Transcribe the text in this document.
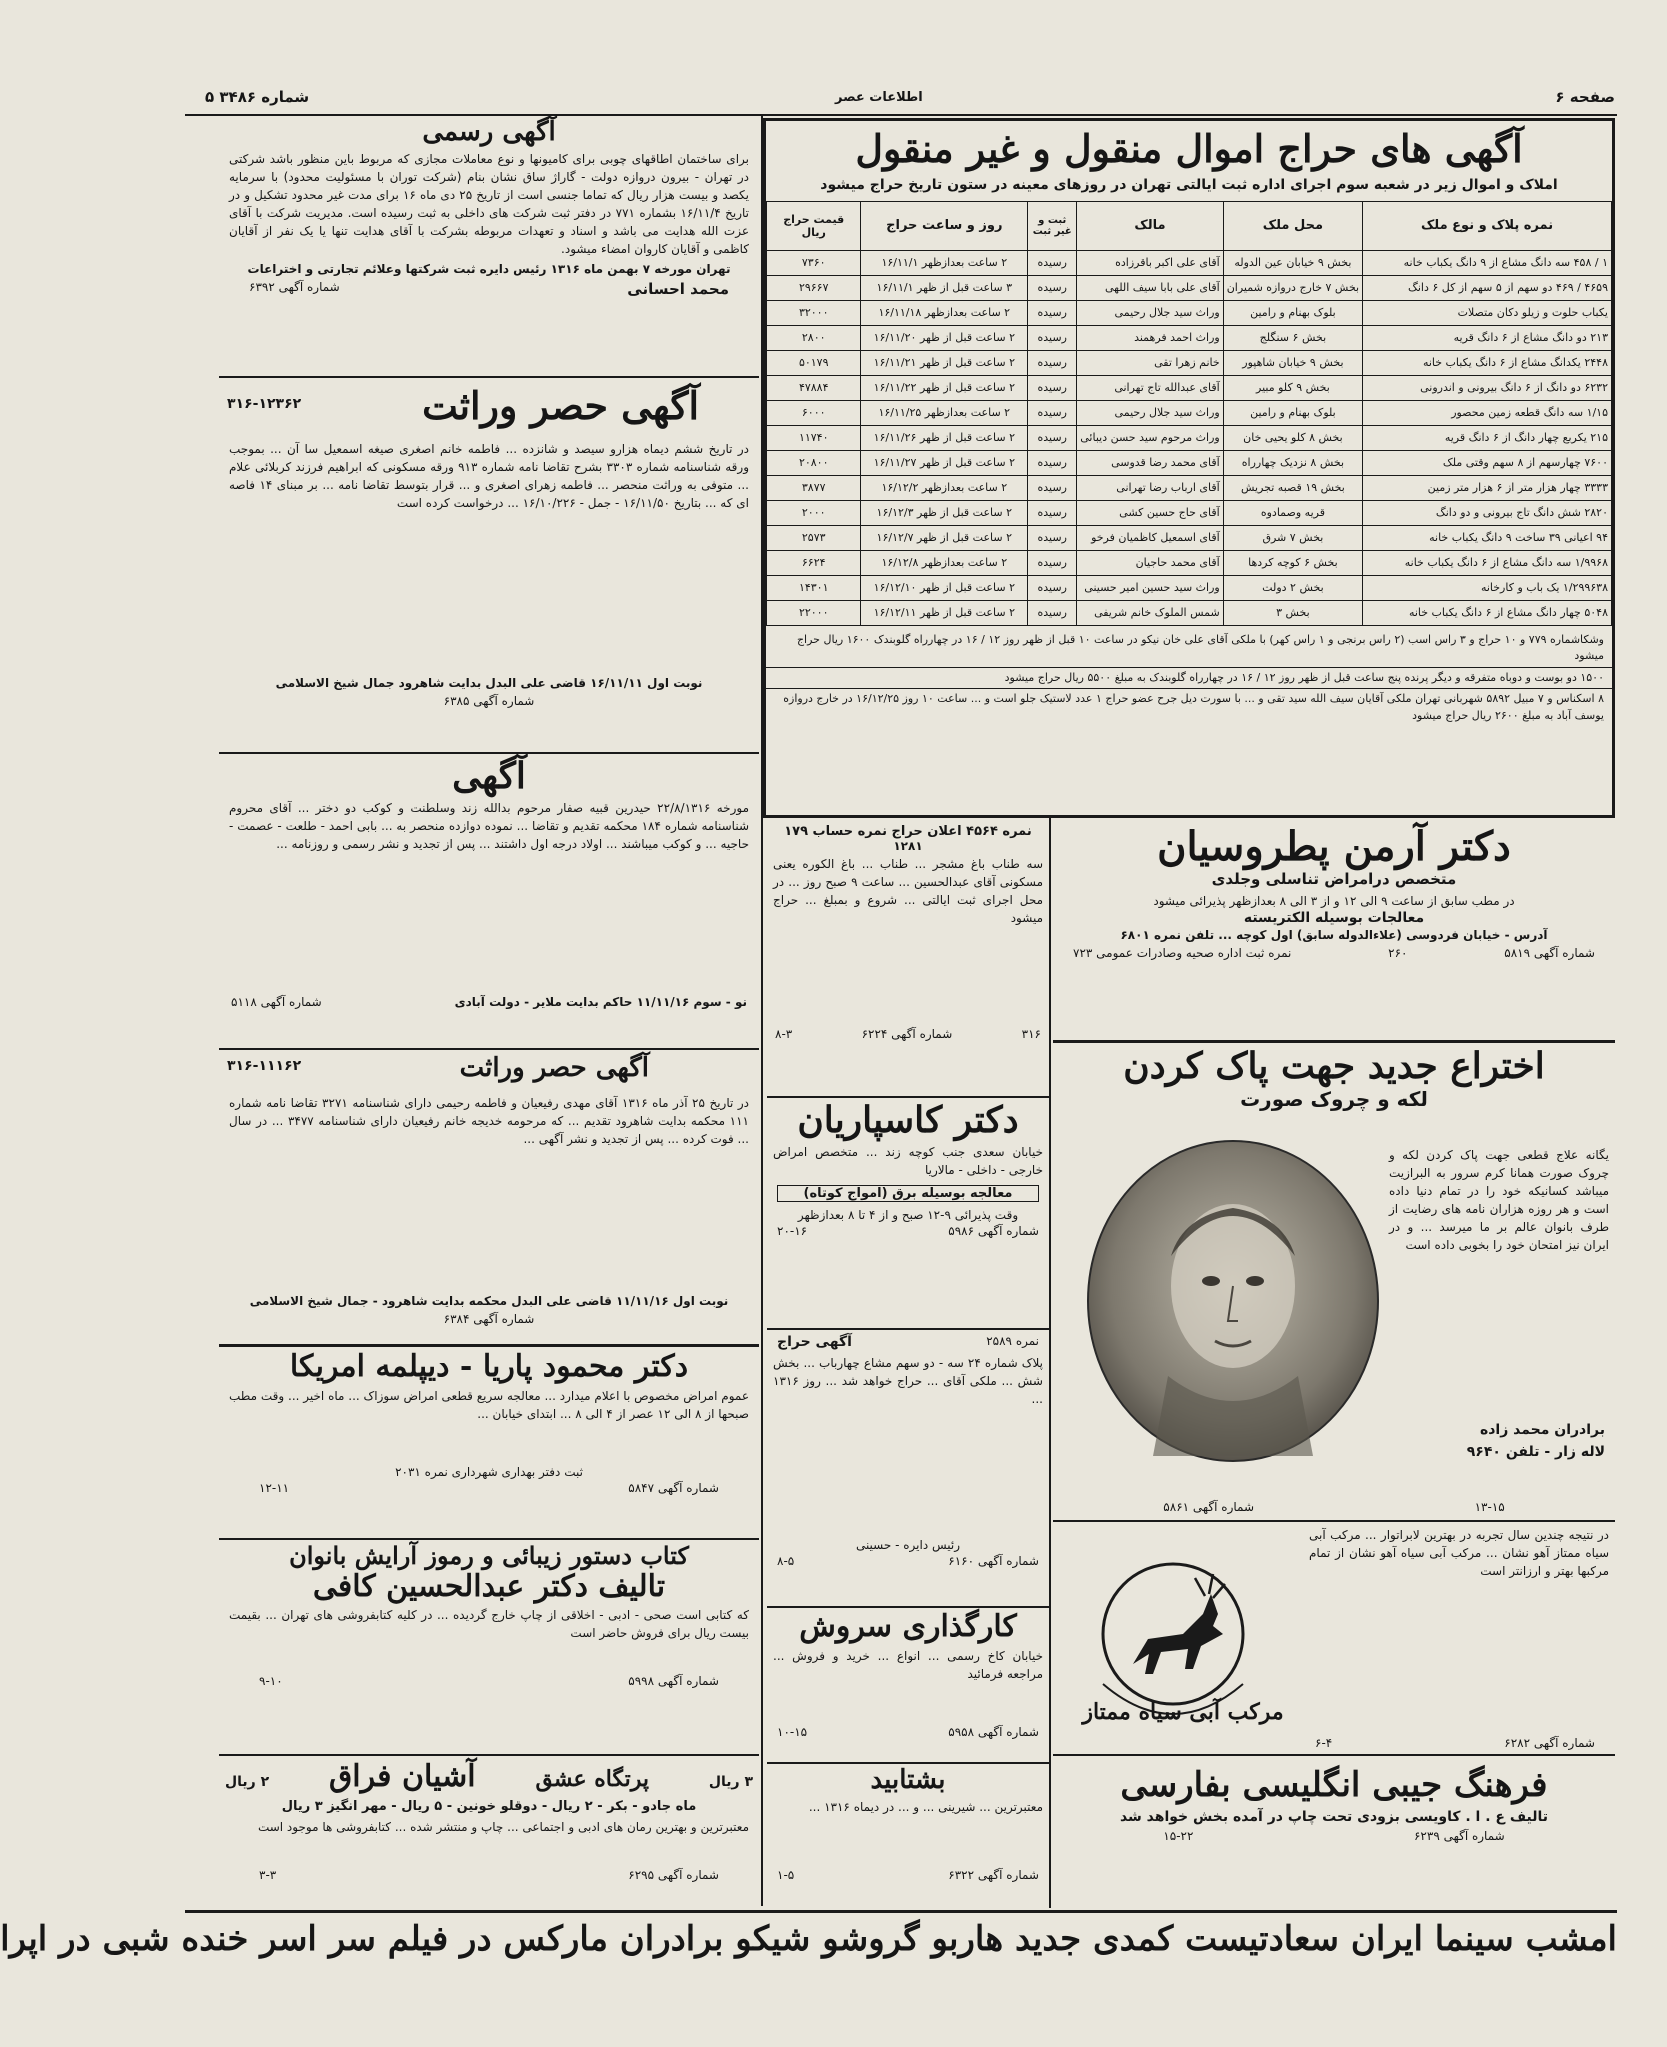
صفحه ۶
اطلاعات عصر
شماره ۳۴۸۶ ۵
آگهی های حراج اموال منقول و غیر منقول
املاک و اموال زیر در شعبه سوم اجرای اداره ثبت ایالتی تهران در روزهای معینه در ستون تاریخ حراج میشود
نمره پلاک و نوع ملک	محل ملک	مالک	ثبت و غیر ثبت	روز و ساعت حراج	قیمت حراج ریال
۱ / ۴۵۸ سه دانگ مشاع از ۹ دانگ یکباب خانه	بخش ۹ خیابان عین الدوله	آقای علی اکبر باقرزاده	رسیده	۲ ساعت بعدازظهر ۱۶/۱۱/۱	۷۳۶۰
۴۶۵۹ / ۴۶۹ دو سهم از ۵ سهم از کل ۶ دانگ	بخش ۷ خارج دروازه شمیران	آقای علی بابا سیف اللهی	رسیده	۳ ساعت قبل از ظهر ۱۶/۱۱/۱	۲۹۶۶۷
یکباب حلوت و زیلو دکان متصلات	بلوک بهنام و رامین	وراث سید جلال رحیمی	رسیده	۲ ساعت بعدازظهر ۱۶/۱۱/۱۸	۳۲۰۰۰
۲۱۳ دو دانگ مشاع از ۶ دانگ قریه	بخش ۶ سنگلج	وراث احمد فرهمند	رسیده	۲ ساعت قبل از ظهر ۱۶/۱۱/۲۰	۲۸۰۰
۲۴۴۸ یکدانگ مشاع از ۶ دانگ یکباب خانه	بخش ۹ خیابان شاهپور	خانم زهرا تقی	رسیده	۲ ساعت قبل از ظهر ۱۶/۱۱/۲۱	۵۰۱۷۹
۶۲۳۲ دو دانگ از ۶ دانگ بیرونی و اندرونی	بخش ۹ کلو مبیر	آقای عبدالله تاج تهرانی	رسیده	۲ ساعت قبل از ظهر ۱۶/۱۱/۲۲	۴۷۸۸۴
۱/۱۵ سه دانگ قطعه زمین محصور	بلوک بهنام و رامین	وراث سید جلال رحیمی	رسیده	۲ ساعت بعدازظهر ۱۶/۱۱/۲۵	۶۰۰۰
۲۱۵ یکربع چهار دانگ از ۶ دانگ قریه	بخش ۸ کلو یحیی خان	وراث مرحوم سید حسن دیبائی	رسیده	۲ ساعت قبل از ظهر ۱۶/۱۱/۲۶	۱۱۷۴۰
۷۶۰۰ چهارسهم از ۸ سهم وقتی ملک	بخش ۸ نزدیک چهارراه	آقای محمد رضا قدوسی	رسیده	۲ ساعت قبل از ظهر ۱۶/۱۱/۲۷	۲۰۸۰۰
۳۳۳۳ چهار هزار متر از ۶ هزار متر زمین	بخش ۱۹ قصبه تجریش	آقای ارباب رضا تهرانی	رسیده	۲ ساعت بعدازظهر ۱۶/۱۲/۲	۳۸۷۷
۲۸۲۰ شش دانگ تاج بیرونی و دو دانگ	قریه وصمادوه	آقای حاج حسین کشی	رسیده	۲ ساعت قبل از ظهر ۱۶/۱۲/۳	۲۰۰۰
۹۴ اعیانی ۳۹ ساخت ۹ دانگ یکباب خانه	بخش ۷ شرق	آقای اسمعیل کاظمیان فرخو	رسیده	۲ ساعت قبل از ظهر ۱۶/۱۲/۷	۲۵۷۳
۱/۹۹۶۸ سه دانگ مشاع از ۶ دانگ یکباب خانه	بخش ۶ کوچه کردها	آقای محمد حاجیان	رسیده	۲ ساعت بعدازظهر ۱۶/۱۲/۸	۶۶۲۴
۱/۲۹۹۶۳۸ یک باب و کارخانه	بخش ۲ دولت	وراث سید حسین امیر حسینی	رسیده	۲ ساعت قبل از ظهر ۱۶/۱۲/۱۰	۱۴۳۰۱
۵۰۴۸ چهار دانگ مشاع از ۶ دانگ یکباب خانه	بخش ۳	شمس الملوک خانم شریفی	رسیده	۲ ساعت قبل از ظهر ۱۶/۱۲/۱۱	۲۲۰۰۰
وشکاشماره ۷۷۹ و ۱۰ حراج و ۳ راس اسب (۲ راس برنجی و ۱ راس کهر) با ملکی آقای علی خان نیکو در ساعت ۱۰ قبل از ظهر روز ۱۲ / ۱۶ در چهارراه گلوبندک ۱۶۰۰ ریال حراج میشود
۱۵۰۰ دو بوست و دوباه متفرقه و دیگر پرنده پنج ساعت قبل از ظهر روز ۱۲ / ۱۶ در چهارراه گلوبندک به مبلغ ۵۵۰۰ ریال حراج میشود
۸ اسکناس و ۷ مبیل ۵۸۹۲ شهربانی تهران ملکی آقایان سیف الله سید تقی و ... با سورت دیل جرح عضو حراج ۱ عدد لاستیک جلو است و ... ساعت ۱۰ روز ۱۶/۱۲/۲۵ در خارج دروازه یوسف آباد به مبلغ ۲۶۰۰ ریال حراج میشود
آگهی رسمی
برای ساختمان اطاقهای چوبی برای کامیونها و نوع معاملات مجازی که مربوط باین منظور باشد شرکتی در تهران - بیرون دروازه دولت - گاراژ ساق نشان بنام (شرکت توران با مسئولیت محدود) با سرمایه یکصد و بیست هزار ریال که تماما جنسی است از تاریخ ۲۵ دی ماه ۱۶ برای مدت غیر محدود تشکیل و در تاریخ ۱۶/۱۱/۴ بشماره ۷۷۱ در دفتر ثبت شرکت های داخلی به ثبت رسیده است. مدیریت شرکت با آقای عزت الله هدایت می باشد و اسناد و تعهدات مربوطه بشرکت با آقای هدایت تنها یا یک نفر از آقایان کاظمی و آقایان کاروان امضاء میشود.
تهران مورخه ۷ بهمن ماه ۱۳۱۶ رئیس دایره ثبت شرکتها وعلائم تجارتی و اختراعات
محمد احسانی
شماره آگهی ۶۳۹۲
آگهی حصر وراثت
۳۱۶-۱۲۳۶۲
در تاریخ ششم دیماه هزارو سیصد و شانزده ... فاطمه خانم اصغری صیغه اسمعیل سا آن ... بموجب ورقه شناسنامه شماره ۳۳۰۳ بشرح تقاضا نامه شماره ۹۱۳ ورقه مسکونی که ابراهیم فرزند کربلائی علام ... متوفی به وراثت منحصر ... فاطمه زهرای اصغری و ... قرار بتوسط تقاضا نامه ... بر مبنای ۱۴ فاصه ای که ... بتاریخ ۱۶/۱۱/۵۰ - جمل - ۱۶/۱۰/۲۲۶ ... درخواست کرده است
نوبت اول ۱۶/۱۱/۱۱ قاضی علی البدل بدایت شاهرود جمال شیخ الاسلامی
شماره آگهی ۶۳۸۵
آگهی
مورخه ۲۲/۸/۱۳۱۶ حیدرین قبیه صفار مرحوم بدالله زند وسلطنت و کوکب دو دختر ... آقای محروم شناسنامه شماره ۱۸۴ محکمه تقدیم و تقاضا ... نموده دوازده منحصر به ... بابی احمد - طلعت - عصمت - حاجیه ... و کوکب میباشند ... اولاد درجه اول داشتند ... پس از تجدید و نشر رسمی و روزنامه ...
نو - سوم ۱۱/۱۱/۱۶ حاکم بدایت ملایر - دولت آبادی
شماره آگهی ۵۱۱۸
آگهی حصر وراثت
۳۱۶-۱۱۱۶۲
در تاریخ ۲۵ آذر ماه ۱۳۱۶ آقای مهدی رفیعیان و فاطمه رحیمی دارای شناسنامه ۳۲۷۱ تقاضا نامه شماره ۱۱۱ محکمه بدایت شاهرود تقدیم ... که مرحومه خدیجه خانم رفیعیان دارای شناسنامه ۳۴۷۷ ... در سال ... فوت کرده ... پس از تجدید و نشر آگهی ...
نوبت اول ۱۱/۱۱/۱۶ قاضی علی البدل محکمه بدایت شاهرود - جمال شیخ الاسلامی
شماره آگهی ۶۳۸۴
دکتر محمود پاریا - دیپلمه امریکا
عموم امراض مخصوص با اعلام میدارد ... معالجه سریع قطعی امراض سوزاک ... ماه اخیر ... وقت مطب صبحها از ۸ الی ۱۲ عصر از ۴ الی ۸ ... ابتدای خیابان ...
ثبت دفتر بهداری شهرداری نمره ۲۰۳۱
شماره آگهی ۵۸۴۷
۱۲-۱۱
کتاب دستور زیبائی و رموز آرایش بانوان
تالیف دکتر عبدالحسین کافی
که کتابی است صحی - ادبی - اخلاقی از چاپ خارج گردیده ... در کلیه کتابفروشی های تهران ... بقیمت بیست ریال برای فروش حاضر است
شماره آگهی ۵۹۹۸
۹-۱۰
۳ ریال
پرتگاه عشق
آشیان فراق
۲ ریال
ماه جادو - بکر - ۲ ریال - دوقلو خونین - ۵ ریال - مهر انگیز ۳ ریال
معتبرترین و بهترین رمان های ادبی و اجتماعی ... چاپ و منتشر شده ... کتابفروشی ها موجود است
شماره آگهی ۶۲۹۵
۳-۳
نمره ۴۵۶۴ اعلان حراج نمره حساب ۱۷۹
۱۲۸۱
سه طناب باغ مشجر ... طناب ... باغ الکوره یعنی مسکونی آقای عبدالحسین ... ساعت ۹ صبح روز ... در محل اجرای ثبت ایالتی ... شروع و بمبلغ ... حراج میشود
۳۱۶
شماره آگهی ۶۲۲۴
۸-۳
دکتر کاسپاریان
خیابان سعدی جنب کوچه زند ... متخصص امراض خارجی - داخلی - مالاریا
معالجه بوسیله برق (امواج کوتاه)
وقت پذیرائی ۹-۱۲ صبح و از ۴ تا ۸ بعدازظهر
شماره آگهی ۵۹۸۶
۲۰-۱۶
نمره ۲۵۸۹
آگهی حراج
پلاک شماره ۲۴ سه - دو سهم مشاع چهارباب ... بخش شش ... ملکی آقای ... حراج خواهد شد ... روز ۱۳۱۶ ...
رئیس دایره - حسینی
شماره آگهی ۶۱۶۰
۸-۵
کارگذاری سروش
خیابان کاخ رسمی ... انواع ... خرید و فروش ... مراجعه فرمائید
شماره آگهی ۵۹۵۸
۱۰-۱۵
بشتابید
معتبرترین ... شیرینی ... و ... در دیماه ۱۳۱۶ ...
شماره آگهی ۶۳۲۲
۱-۵
دکتر آرمن پطروسیان
متخصص درامراض تناسلی وجلدی
در مطب سابق از ساعت ۹ الی ۱۲ و از ۳ الی ۸ بعدازظهر پذیرائی میشود
معالجات بوسیله الکتریسته
آدرس - خیابان فردوسی (علاءالدوله سابق) اول کوچه ... تلفن نمره ۶۸۰۱
شماره آگهی ۵۸۱۹
۲۶۰
نمره ثبت اداره صحیه وصادرات عمومی ۷۲۳
اختراع جدید جهت پاک کردن
لکه و چروک صورت
یگانه علاج قطعی جهت پاک کردن لکه و چروک صورت همانا کرم سرور به البرازیت میباشد کسانیکه خود را در تمام دنیا داده است و هر روزه هزاران نامه های رضایت از طرف بانوان عالم بر ما میرسد ... و در ایران نیز امتحان خود را بخوبی داده است
برادران محمد زاده
لاله زار - تلفن ۹۶۴۰
۱۳-۱۵
شماره آگهی ۵۸۶۱
مرکب آبی سیاه ممتاز
در نتیجه چندین سال تجربه در بهترین لابراتوار ... مرکب آبی سیاه ممتاز آهو نشان ... مرکب آبی سیاه آهو نشان از تمام مرکبها بهتر و ارزانتر است
شماره آگهی ۶۲۸۲
۶-۴
فرهنگ جیبی انگلیسی بفارسی
تالیف ع . ا . کاویسی بزودی تحت چاپ در آمده بخش خواهد شد
شماره آگهی ۶۲۳۹
۱۵-۲۲
امشب سینما ایران سعادتیست کمدی جدید هاربو گروشو شیکو برادران مارکس در فیلم سر اسر خنده شبی در اپرا
